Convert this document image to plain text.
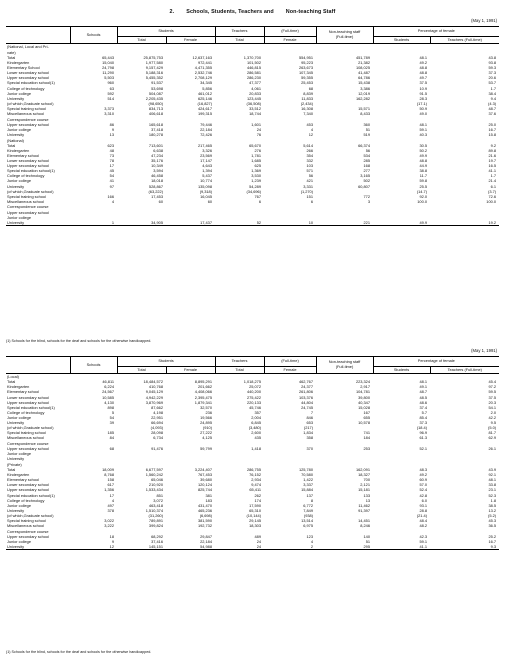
2. Schools, Students, Teachers and Non-teaching Staff
(May 1, 1991)
	Schools	Students		Teachers	(Full-time)	Non-teaching staff
(Full-time)	Percentage of female	
		Total	Female	Total	Female		Students	Teachers (Full-time)
(National, Local and Pri-								
vate)								
Total	65,443	25,875,753	12,637,163	1,370,700	554,951	451,789	48.1	43.8
Kindergarten	15,040	1,977,580	972,441	101,502	95,223	21,382	49.2	93.8
Elementary School	24,798	9,157,429	4,471,355	446,815	263,673	108,025	48.8	59.3
Lower secondary school	11,290	5,188,316	2,532,746	286,581	107,345	41,487	48.8	37.3
Upper secondary school	5,503	5,455,352	2,708,129	286,230	59,355	64,786	49.7	20.6
Special education school(1)	960	91,537	34,345	47,377	25,453	15,438	37.5	53.7
College of technology	63	53,698	5,856	4,061	68	3,386	10.9	1.7
Junior college	592	504,087	461,012	20,833	8,839	12,019	91.5	38.4
University	514	2,205,435	625,146	123,445	11,833	162,282	28.3	9.4
(of which,Graduate school)		(98,650)	(16,827)	(36,508)	(2,434)		(17.1)	(4.3)
Special training school	3,373	834,713	424,617	33,512	16,308	15,571	50.9	48.7
Miscellaneous school	3,310	406,618	199,315	18,744	7,340	8,433	49.0	37.6
Correspondence course								
Upper secondary school	86	165,618	79,446	1,601	453	360	48.1	25.0
Junior college	9	37,418	22,184	24	4	51	59.1	16.7
University	13	180,278	72,426	76	12	519	40.3	15.8
(National)								
Total	623	713,601	217,465	65,670	5,614	66,374	30.5	9.2
Kindergarten	48	6,638	3,326	276	266	56	50.2	89.8
Elementary school	73	47,234	23,569	1,781	354	534	49.9	21.6
Lower secondary school	78	35,176	17,147	1,685	332	285	48.8	19.7
Upper secondary school	17	10,349	4,643	625	103	168	44.9	16.5
Special education school(1)	45	3,594	1,394	1,369	571	277	38.8	41.1
College of technology	54	46,458	5,437	3,530	56	3,165	11.7	1.7
Junior college	41	18,018	10,774	1,239	421	502	59.8	21.4
University	97	528,867	135,098	54,289	3,331	60,807	25.5	6.1
(of which,Graduate school)		(63,222)	(9,318)	(34,696)	(1,270)		(14.7)	(3.7)
Special training school	166	17,453	16,045	767	151	772	92.0	72.6
Miscellaneous school	4	60	60	6	6	3	100.0	100.0
Correspondence course								
Upper secondary school								
Junior college								
University	1	34,905	17,437	52	10	221	49.9	19.2
(1) Schools for the blind, schools for the deaf and schools for the otherwise handicapped.
(May 1, 1991)
	Schools	Students		Teachers	(Full-time)	Non-teaching staff
(Full-time)	Percentage of female	
		Total	Female	Total	Female		Students	Teachers (Full-time)
(Local)								
Total	46,811	18,484,572	8,895,291	1,018,275	462,767	223,324	48.1	45.4
Kindergarten	6,224	410,768	201,662	25,072	24,377	2,917	49.1	97.2
Elementary school	24,567	9,045,129	4,408,066	440,200	261,806	104,781	48.7	59.5
Lower secondary school	10,585	4,942,229	2,395,475	275,422	103,376	39,800	48.5	37.5
Upper secondary school	4,130	3,870,969	1,879,341	220,133	44,804	40,347	48.6	20.3
Special education school(1)	898	87,662	32,570	45,746	24,745	15,028	37.4	54.1
College of technology	5	4,198	236	357	7	167	5.7	2.0
Junior college	54	22,951	19,566	2,004	846	655	85.4	42.2
University	39	66,694	24,895	6,845	653	10,578	37.3	9.5
(of which,Graduate school)		(4,093)	(910)	(3,480)	(217)		(18.4)	(5.0)
Special training school	185	28,098	27,222	2,600	1,834	741	96.9	81.7
Miscellaneous school	84	6,734	4,125	435	358	184	61.3	62.9
Correspondence course								
Upper secondary school	68	91,476	59,799	1,418	370	253	52.1	26.1
Junior college								
University								
(Private)								
Total	18,009	6,677,597	3,224,407	286,755	125,780	162,091	48.3	43.9
Kindergarten	8,768	1,560,242	767,453	76,152	70,580	18,327	49.2	92.1
Elementary school	158	65,046	39,680	2,934	1,422	700	60.9	48.1
Lower secondary school	617	210,920	120,124	9,474	3,337	2,121	57.0	33.8
Upper secondary school	1,356	1,533,434	825,744	65,411	15,884	15,181	52.4	23.1
Special education school(1)	17	851	381	262	137	133	42.8	52.3
College of technology	4	3,072	183	174	8	13	6.0	1.8
Junior college	497	463,418	431,470	17,590	6,772	11,462	93.1	38.5
University	378	1,510,374	465,236	65,310	7,849	91,397	28.8	13.2
(of which,Graduate school)		(31,260)	(6,698)	(10,144)	(938)		(21.4)	(5.2)
Special training school	3,022	789,891	381,590	29,145	13,514	14,451	48.4	45.3
Miscellaneous school	3,222	399,824	192,732	18,303	6,975	8,246	48.2	36.5
Correspondence course								
Upper secondary school	18	68,292	29,847	489	123	140	42.3	25.2
Junior college	9	37,416	22,184	24	4	51	59.1	16.7
University	12	145,151	54,988	24	2	295	41.1	9.3
(1) Schools for the blind, schools for the deaf and schools for the otherwise handicapped.
